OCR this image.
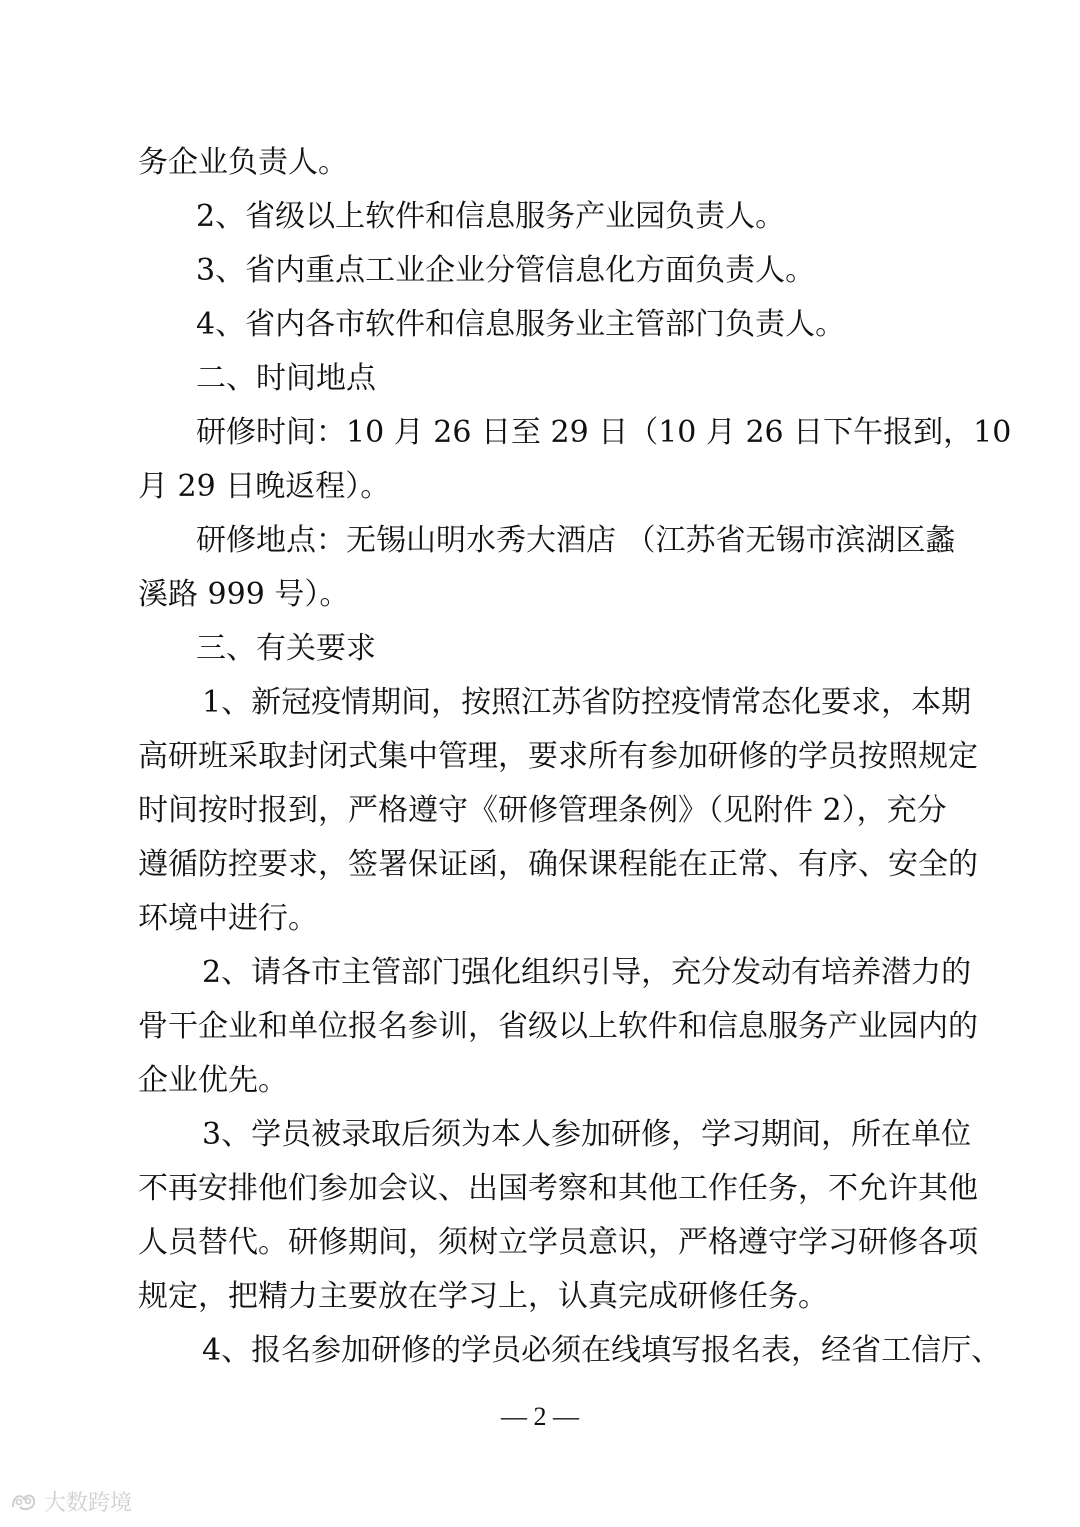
务企业负责人。
2、省级以上软件和信息服务产业园负责人。
3、省内重点工业企业分管信息化方面负责人。
4、省内各市软件和信息服务业主管部门负责人。
二、时间地点
研修时间：10 月 26 日至 29 日（10 月 26 日下午报到，10
月 29 日晚返程）。
研修地点：无锡山明水秀大酒店 （江苏省无锡市滨湖区蠡
溪路 999 号）。
三、有关要求
1、新冠疫情期间，按照江苏省防控疫情常态化要求，本期
高研班采取封闭式集中管理，要求所有参加研修的学员按照规定
时间按时报到，严格遵守《研修管理条例》（见附件 2），充分
遵循防控要求，签署保证函，确保课程能在正常、有序、安全的
环境中进行。
2、请各市主管部门强化组织引导，充分发动有培养潜力的
骨干企业和单位报名参训，省级以上软件和信息服务产业园内的
企业优先。
3、学员被录取后须为本人参加研修，学习期间，所在单位
不再安排他们参加会议、出国考察和其他工作任务，不允许其他
人员替代。研修期间，须树立学员意识，严格遵守学习研修各项
规定，把精力主要放在学习上，认真完成研修任务。
4、报名参加研修的学员必须在线填写报名表，经省工信厅、
— 2 —
大数跨境
